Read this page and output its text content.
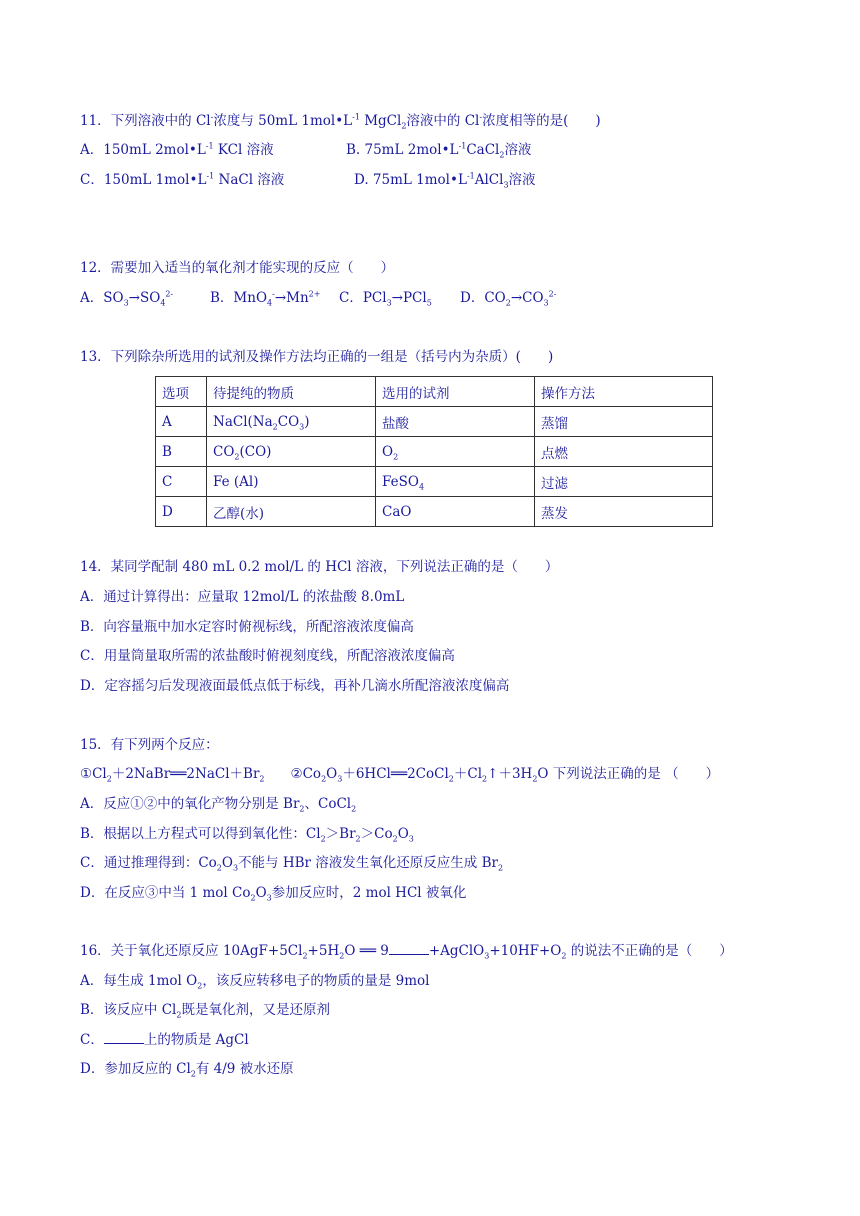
11．下列溶液中的 Cl-浓度与 50mL $1mol•L^{-1}$ MgCl$_2$溶液中的 Cl-浓度相等的是(　　)
A．150mL $2mol•L^{-1}$ KCl 溶液	B. 75mL $2mol•L^{-1}CaCl_2$溶液
C．150mL $1mol•L^{-1}$ NaCl 溶液	D. 75mL $1mol•L^{-1}AlCl_3$溶液
12．需要加入适当的氧化剂才能实现的反应（　　）
A．$SO_3\to SO_4^{2-}$	B．$MnO_4^-\to Mn^{2+}$ C．PCl$_3$→PCl$_5$ D．$CO_2\to CO_3^{2-}$
13．下列除杂所选用的试剂及操作方法均正确的一组是（括号内为杂质）(　　)
选项	待提纯的物质	选用的试剂	操作方法
A	$NaCl(Na_2CO_3)$	盐酸	蒸馏
B	$CO_2(CO)$	$O_2$	点燃
C	Fe (Al)	FeSO$_4$	过滤
D	乙醇(水)	CaO	蒸发
14．某同学配制 480 mL 0.2 mol/L 的 HCl 溶液，下列说法正确的是（　　）
A．通过计算得出：应量取 12mol/L 的浓盐酸 8.0mL
B．向容量瓶中加水定容时俯视标线，所配溶液浓度偏高
C．用量筒量取所需的浓盐酸时俯视刻度线，所配溶液浓度偏高
D．定容摇匀后发现液面最低点低于标线，再补几滴水所配溶液浓度偏高
15．有下列两个反应：
$①Cl_2+2NaBr══2NaCl+Br_2$ $②Co_2O_3+6HCl══2CoCl_2+Cl_2↑+3H_2O$ 下列说法正确的是 （　　）
A．反应①②中的氧化产物分别是 $Br_2$、CoCl$_2$
B．根据以上方程式可以得到氧化性：$Cl_2>Br_2>Co_2O_3$
C．通过推理得到：$Co_2O_3$不能与 HBr 溶液发生氧化还原反应生成 $Br_2$
D．在反应③中当 1 mol $Co_2O_3$参加反应时，2 mol HCl 被氧化
16．关于氧化还原反应 $10AgF+5Cl_2+5H_2O$ ══ 9	$+AgClO_3+10HF+O_2$ 的说法不正确的是（　　）
A．每生成 1mol $O_2$，该反应转移电子的物质的量是 9mol
B．该反应中 $Cl_2$既是氧化剂，又是还原剂
C．	上的物质是 AgCl
D．参加反应的 $Cl_2$有 4/9 被水还原
